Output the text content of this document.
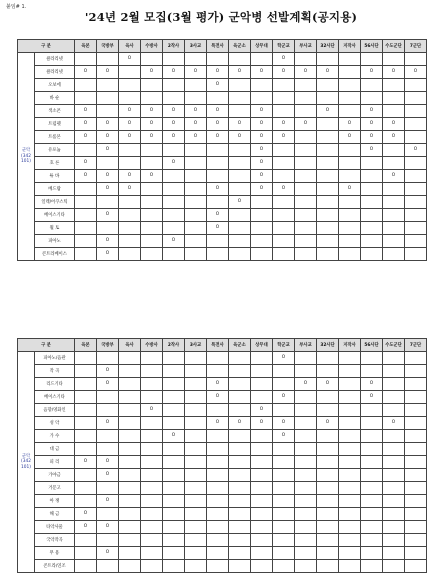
붙임# 1.
'24년 2월 모집(3월 평가) 군악병 선발계획(공지용)
구 분		육본	국방부	육사	수방사	2작사	3사교	특전사	육군소	상무대	학군교	부사교	32사단	지작사	56사단	수도군단	7군단

군악
(342
101)	클라리넷			O							O						
	클라리넷	O	O		O	O	O	O	O	O	O	O	O		O	O	O
	오보에							O									
	바 순																
	색소폰	O		O	O	O	O	O		O			O		O		
	트럼펫	O	O	O	O	O	O	O	O	O	O	O		O	O	O	
	트롬본	O	O	O	O	O	O	O	O	O	O			O	O	O	
	유포늄		O							O					O		O
	호 른	O				O				O							
	튜 바	O	O	O	O					O						O	
	베드람		O	O				O		O	O			O			
	일렉/어쿠스틱								O								
	베이스기타		O					O									
	월 토							O									
	피아노		O			O											
	콘트라베이스		O														
구 분		육본	국방부	육사	수방사	2작사	3사교	특전사	육군소	상무대	학군교	부사교	32사단	지작사	56사단	수도군단	7군단

군악
(342
101)	피아노/음관										O						
	작 곡		O														
	리드기타		O					O				O	O		O		
	베이스기타							O			O				O		
	음향/영화인				O					O							
	성 악		O					O	O	O	O		O			O	
	가 수					O					O						
	대 금																
	피 리	O	O														
	가야금		O														
	거문고																
	아 쟁		O														
	해 금	O															
	타악사물	O	O														
	국악작곡																
	무 용		O														
	콘트라/연조																
